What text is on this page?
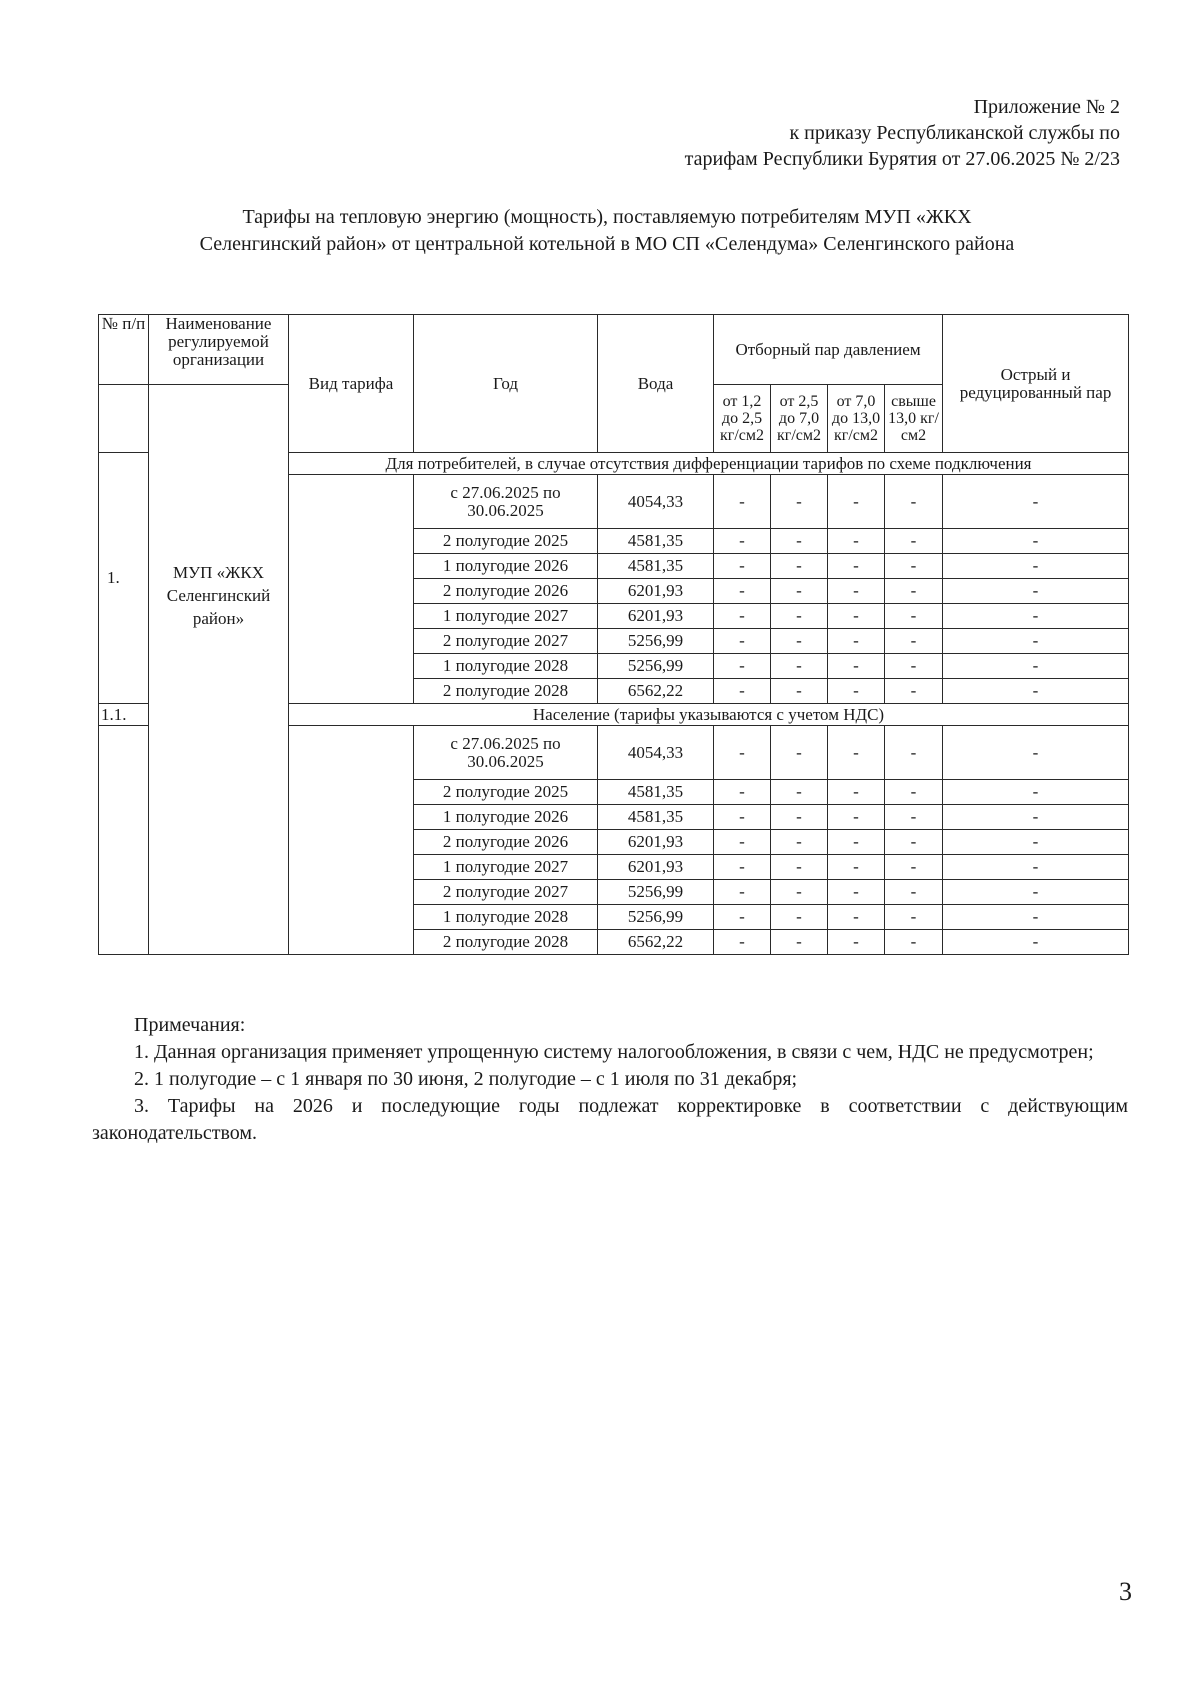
Приложение № 2
к приказу Республиканской службы по
тарифам Республики Бурятия от 27.06.2025 № 2/23
Тарифы на тепловую энергию (мощность), поставляемую потребителям МУП «ЖКХ
Селенгинский район» от центральной котельной в МО СП «Селендума» Селенгинского района
№ п/п	Наименование регулируемой организации	Вид тарифа	Год	Вода	Отборный пар давлением				Острый и редуцированный пар

	МУП «ЖКХ Селенгинский район»				от 1,2 до 2,5 кг/см2	от 2,5 до 7,0 кг/см2	от 7,0 до 13,0 кг/см2	свыше 13,0 кг/см2	

1.		Для потребителей, в случае отсутствия дифференциации тарифов по схеме подключения							
			с 27.06.2025 по 30.06.2025	4054,33	-	-	-	-	-
			2 полугодие 2025	4581,35	-	-	-	-	-
			1 полугодие 2026	4581,35	-	-	-	-	-
			2 полугодие 2026	6201,93	-	-	-	-	-
			1 полугодие 2027	6201,93	-	-	-	-	-
			2 полугодие 2027	5256,99	-	-	-	-	-
			1 полугодие 2028	5256,99	-	-	-	-	-
			2 полугодие 2028	6562,22	-	-	-	-	-
1.1.		Население (тарифы указываются с учетом НДС)							
			с 27.06.2025 по 30.06.2025	4054,33	-	-	-	-	-
			2 полугодие 2025	4581,35	-	-	-	-	-
			1 полугодие 2026	4581,35	-	-	-	-	-
			2 полугодие 2026	6201,93	-	-	-	-	-
			1 полугодие 2027	6201,93	-	-	-	-	-
			2 полугодие 2027	5256,99	-	-	-	-	-
			1 полугодие 2028	5256,99	-	-	-	-	-
			2 полугодие 2028	6562,22	-	-	-	-	-
Примечания:

1. Данная организация применяет упрощенную систему налогообложения, в связи с чем, НДС не предусмотрен;

2. 1 полугодие – с 1 января по 30 июня, 2 полугодие – с 1 июля по 31 декабря;

3. Тарифы на 2026 и последующие годы подлежат корректировке в соответствии с действующим законодательством.

3
